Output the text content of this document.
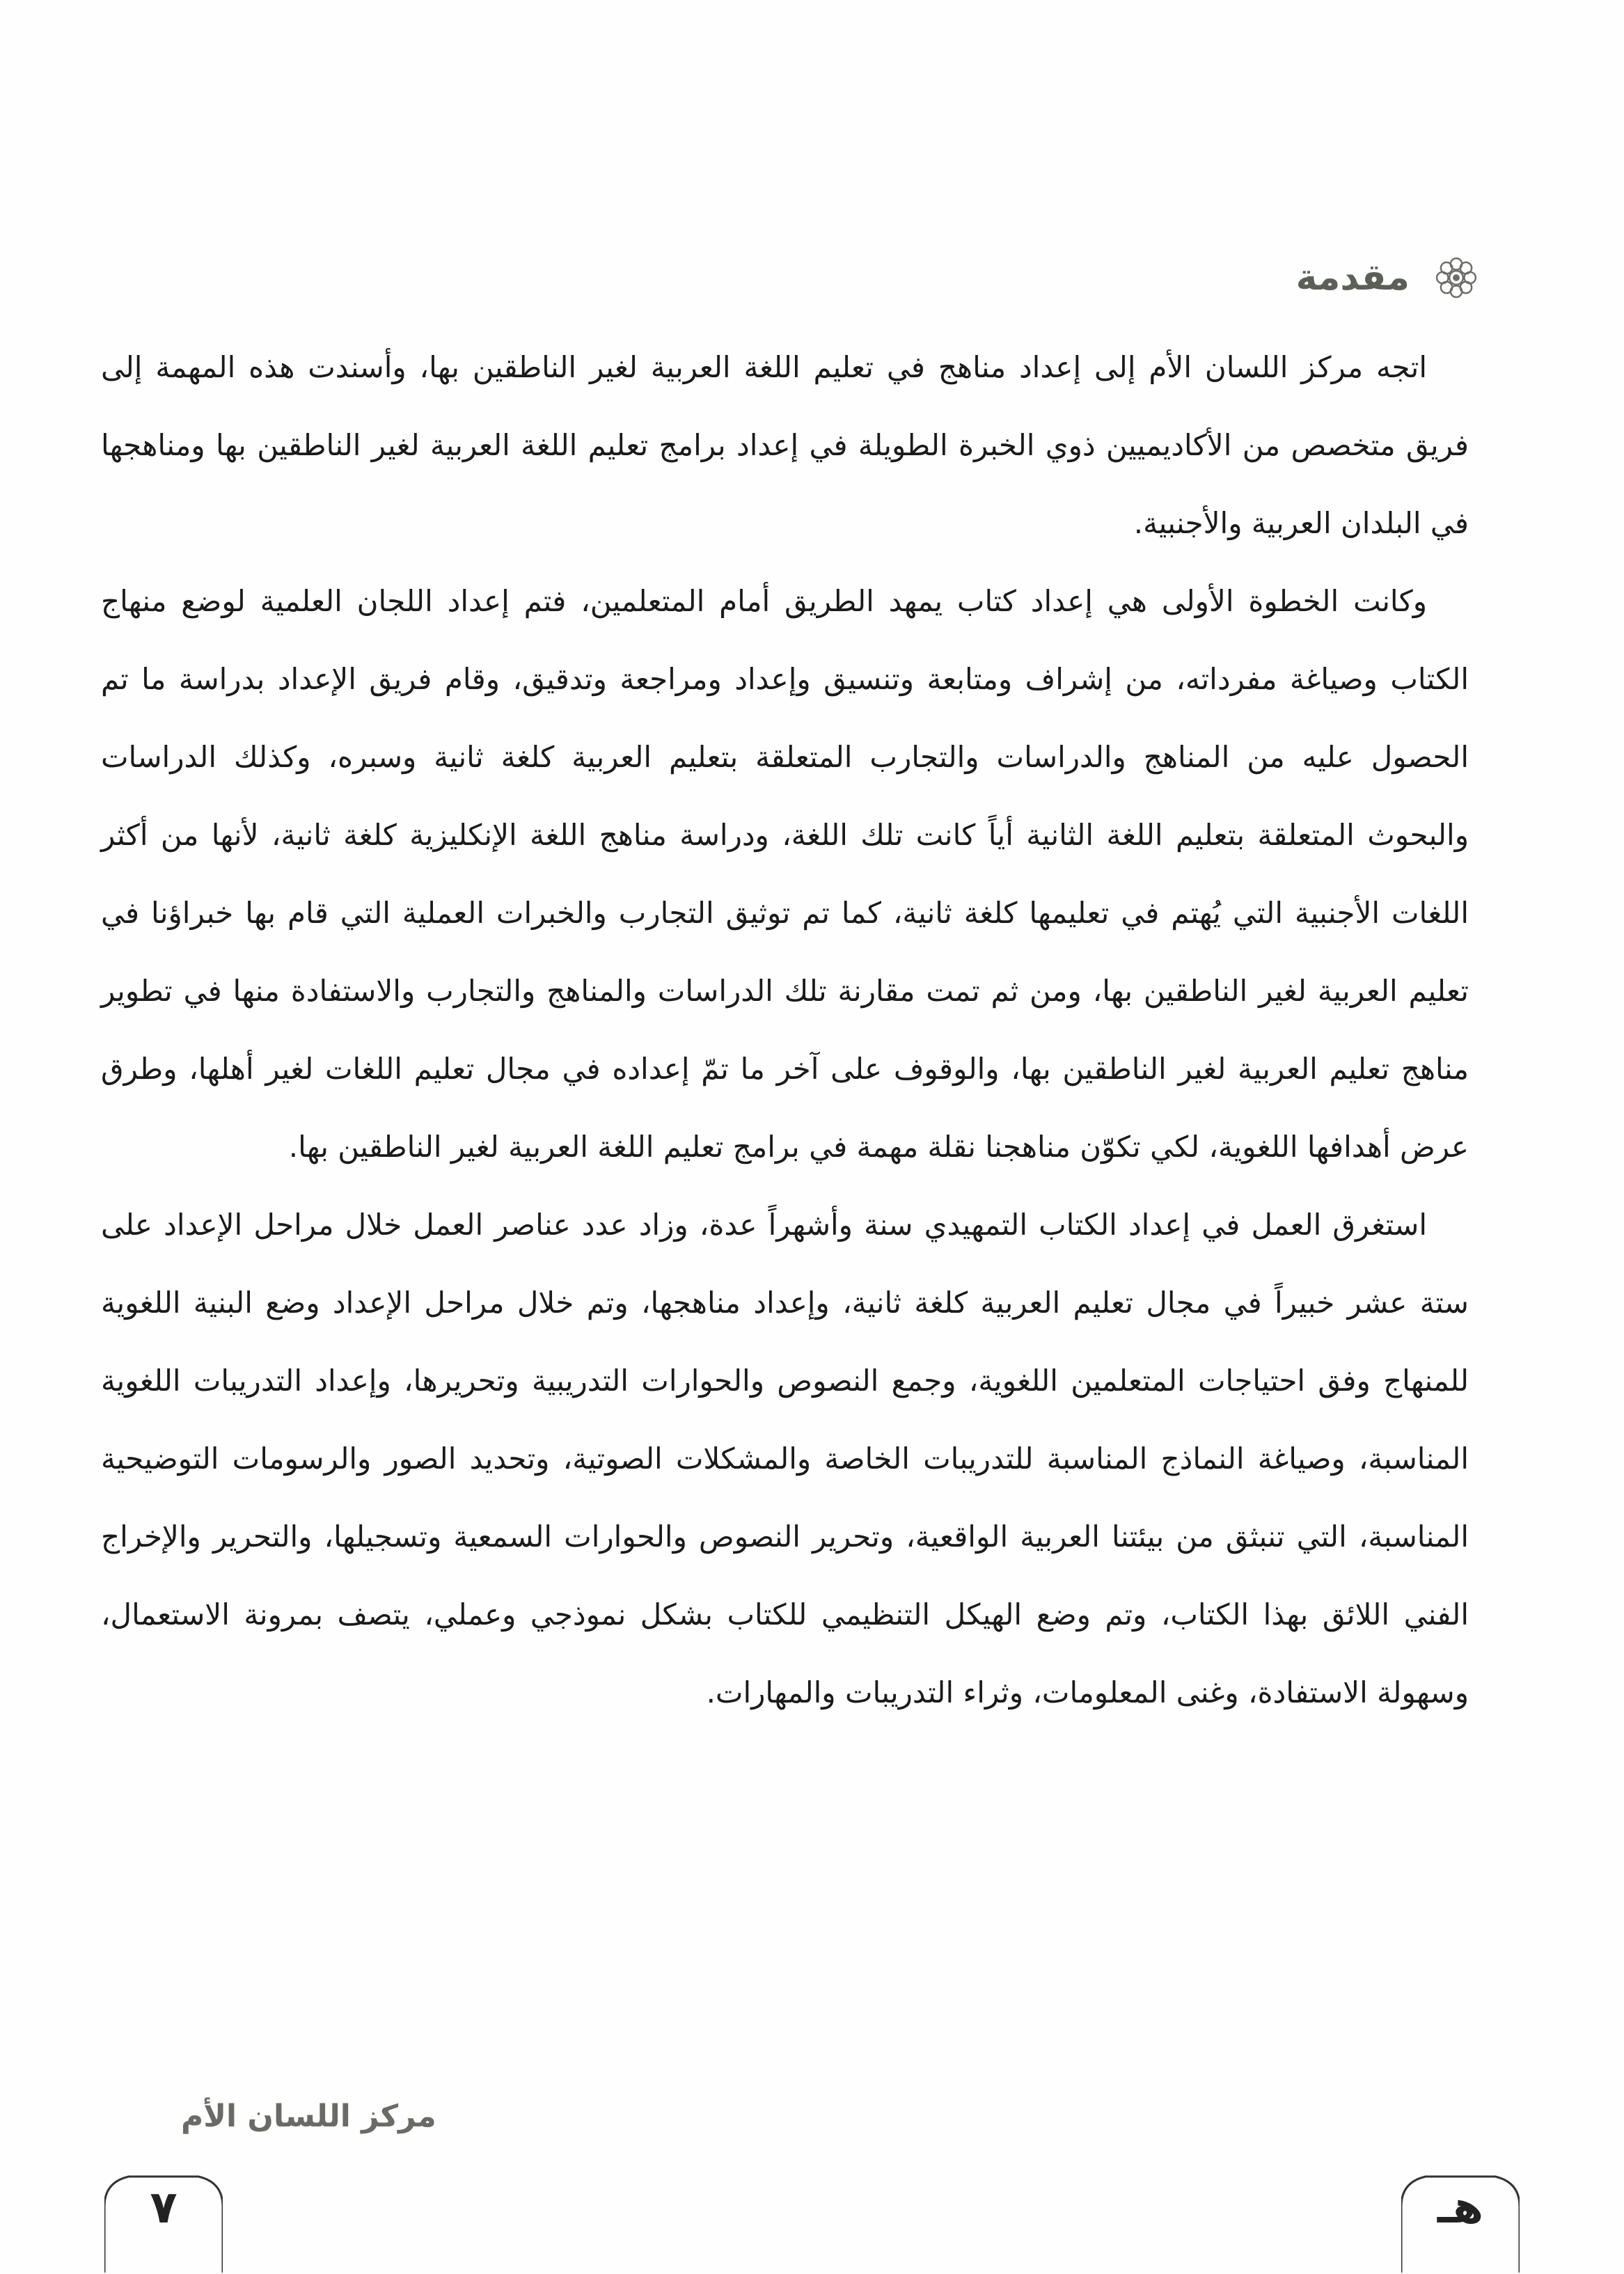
مقدمة

اتجه مركز اللسان الأم إلى إعداد مناهج في تعليم اللغة العربية لغير الناطقين بها، وأسندت هذه المهمة إلى فريق متخصص من الأكاديميين ذوي الخبرة الطويلة في إعداد برامج تعليم اللغة العربية لغير الناطقين بها ومناهجها في البلدان العربية والأجنبية.

وكانت الخطوة الأولى هي إعداد كتاب يمهد الطريق أمام المتعلمين، فتم إعداد اللجان العلمية لوضع منهاج الكتاب وصياغة مفرداته، من إشراف ومتابعة وتنسيق وإعداد ومراجعة وتدقيق، وقام فريق الإعداد بدراسة ما تم الحصول عليه من المناهج والدراسات والتجارب المتعلقة بتعليم العربية كلغة ثانية وسبره، وكذلك الدراسات والبحوث المتعلقة بتعليم اللغة الثانية أياً كانت تلك اللغة، ودراسة مناهج اللغة الإنكليزية كلغة ثانية، لأنها من أكثر اللغات الأجنبية التي يُهتم في تعليمها كلغة ثانية، كما تم توثيق التجارب والخبرات العملية التي قام بها خبراؤنا في تعليم العربية لغير الناطقين بها، ومن ثم تمت مقارنة تلك الدراسات والمناهج والتجارب والاستفادة منها في تطوير مناهج تعليم العربية لغير الناطقين بها، والوقوف على آخر ما تمّ إعداده في مجال تعليم اللغات لغير أهلها، وطرق عرض أهدافها اللغوية، لكي تكوّن مناهجنا نقلة مهمة في برامج تعليم اللغة العربية لغير الناطقين بها.

استغرق العمل في إعداد الكتاب التمهيدي سنة وأشهراً عدة، وزاد عدد عناصر العمل خلال مراحل الإعداد على ستة عشر خبيراً في مجال تعليم العربية كلغة ثانية، وإعداد مناهجها، وتم خلال مراحل الإعداد وضع البنية اللغوية للمنهاج وفق احتياجات المتعلمين اللغوية، وجمع النصوص والحوارات التدريبية وتحريرها، وإعداد التدريبات اللغوية المناسبة، وصياغة النماذج المناسبة للتدريبات الخاصة والمشكلات الصوتية، وتحديد الصور والرسومات التوضيحية المناسبة، التي تنبثق من بيئتنا العربية الواقعية، وتحرير النصوص والحوارات السمعية وتسجيلها، والتحرير والإخراج الفني اللائق بهذا الكتاب، وتم وضع الهيكل التنظيمي للكتاب بشكل نموذجي وعملي، يتصف بمرونة الاستعمال، وسهولة الاستفادة، وغنى المعلومات، وثراء التدريبات والمهارات.

مركز اللسان الأم
٧	هـ
